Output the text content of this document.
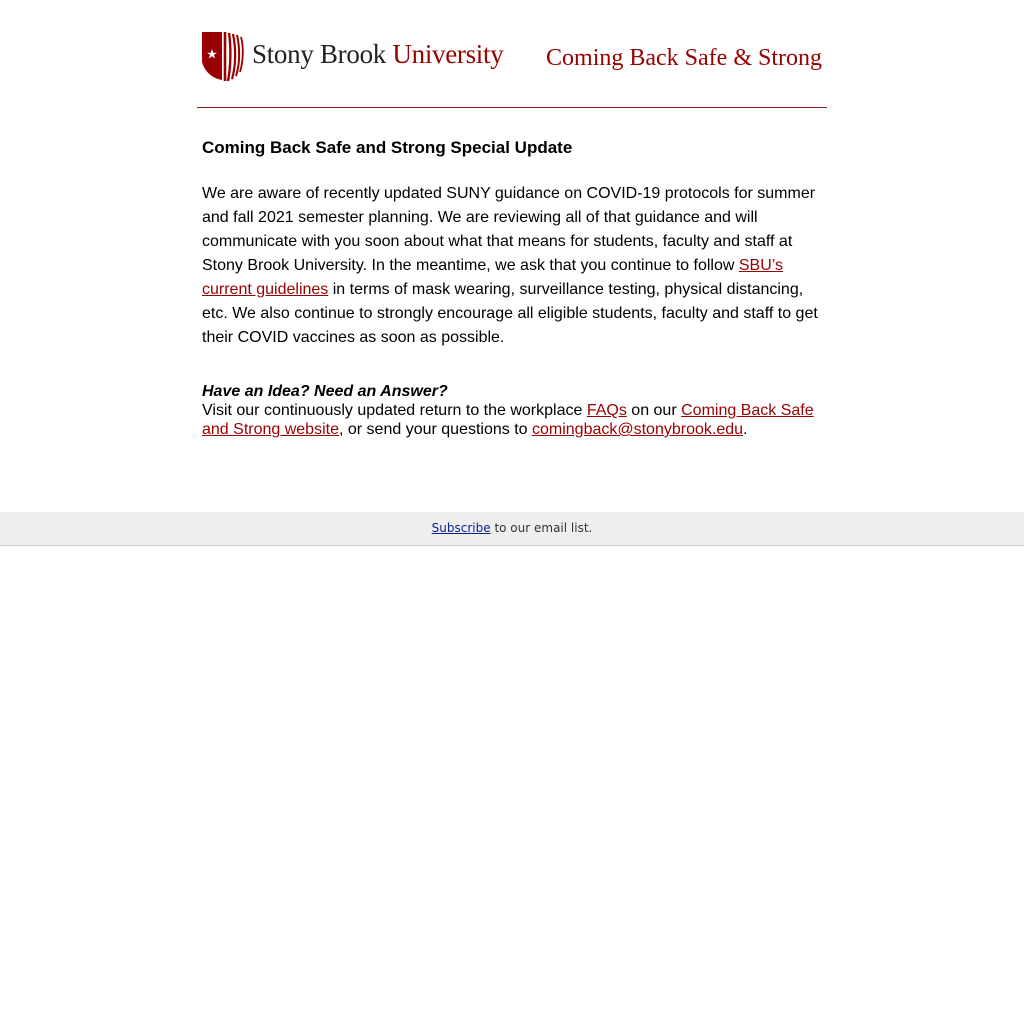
Stony Brook University Coming Back Safe & Strong

Coming Back Safe and Strong Special Update

We are aware of recently updated SUNY guidance on COVID-19 protocols for summer and fall 2021 semester planning. We are reviewing all of that guidance and will communicate with you soon about what that means for students, faculty and staff at Stony Brook University. In the meantime, we ask that you continue to follow SBU’s current guidelines in terms of mask wearing, surveillance testing, physical distancing, etc. We also continue to strongly encourage all eligible students, faculty and staff to get their COVID vaccines as soon as possible.

Have an Idea? Need an Answer?
Visit our continuously updated return to the workplace FAQs on our Coming Back Safe and Strong website, or send your questions to comingback@stonybrook.edu.
Subscribe to our email list.
